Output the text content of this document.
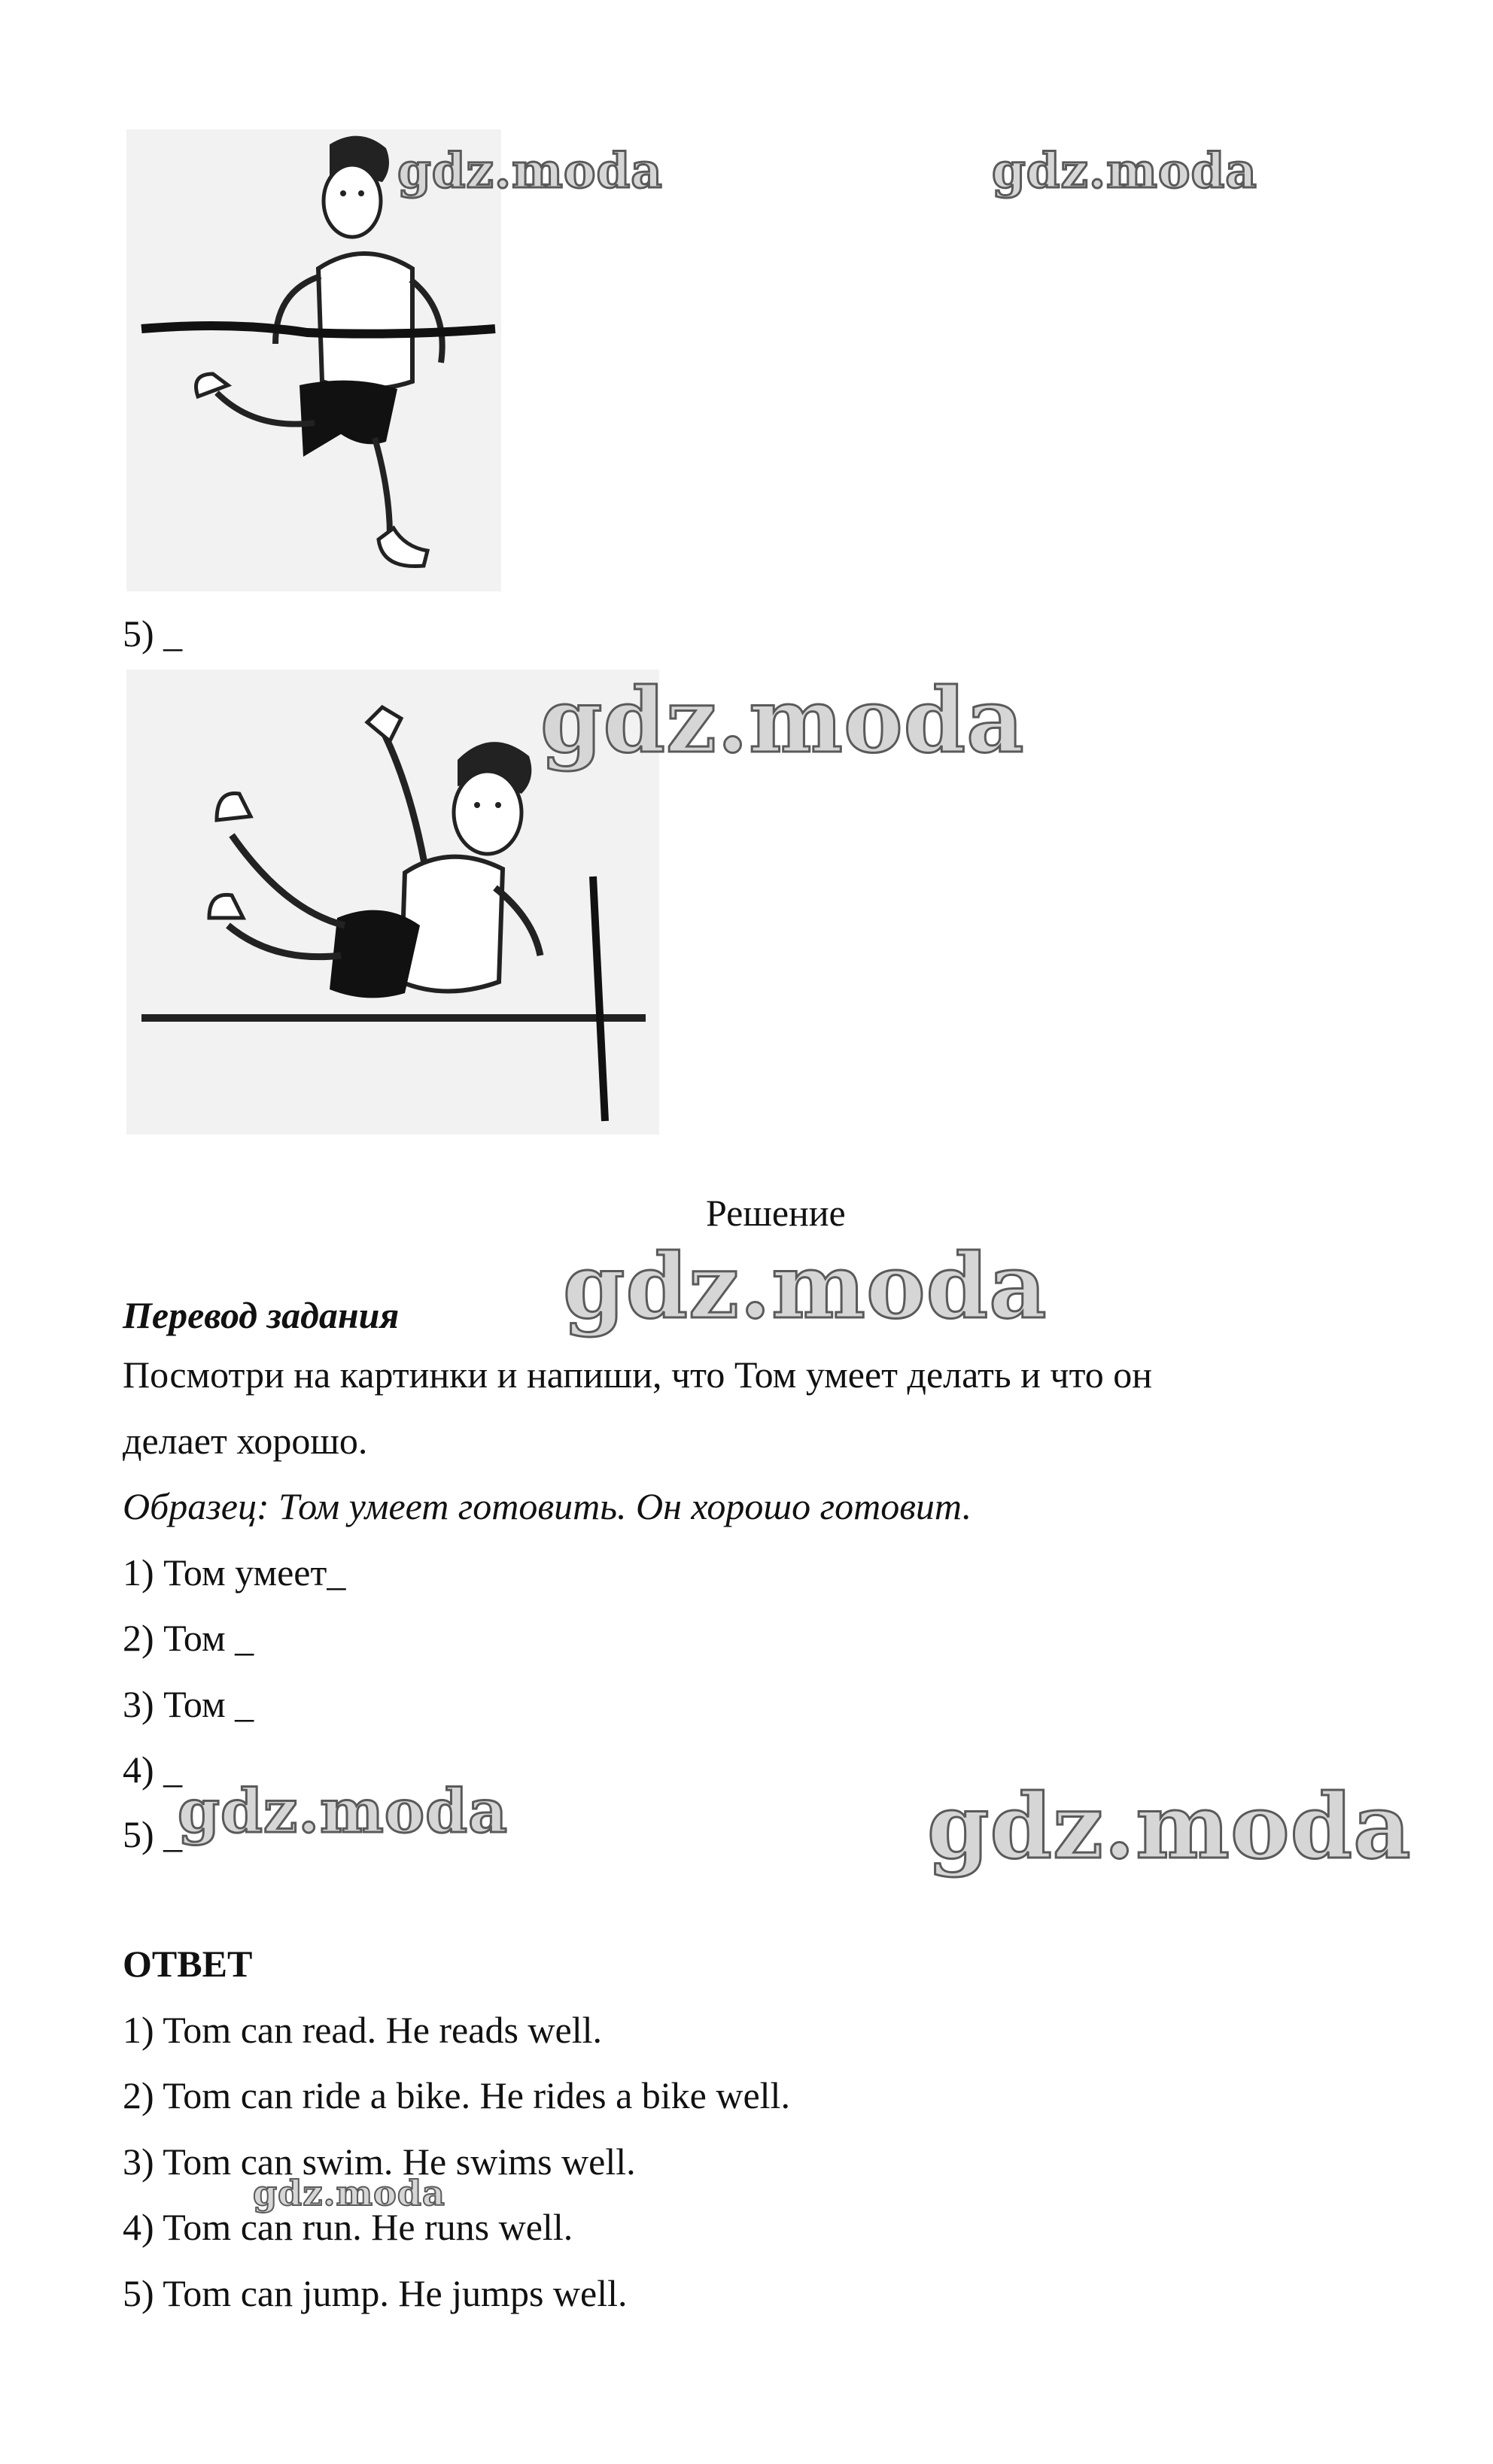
gdz.moda	gdz.moda
5) _
gdz.moda
Решение
gdz.moda
Перевод задания
Посмотри на картинки и напиши, что Том умеет делать и что он
делает хорошо.
Образец: Том умеет готовить. Он хорошо готовит.
1) Том умеет_
2) Том _
3) Том _
4) _
5) _
gdz.moda	gdz.moda
ОТВЕТ
1) Tom can read. He reads well.
2) Tom can ride a bike. He rides a bike well.
3) Tom can swim. He swims well.
4) Tom can run. He runs well.
5) Tom can jump. He jumps well.
gdz.moda
